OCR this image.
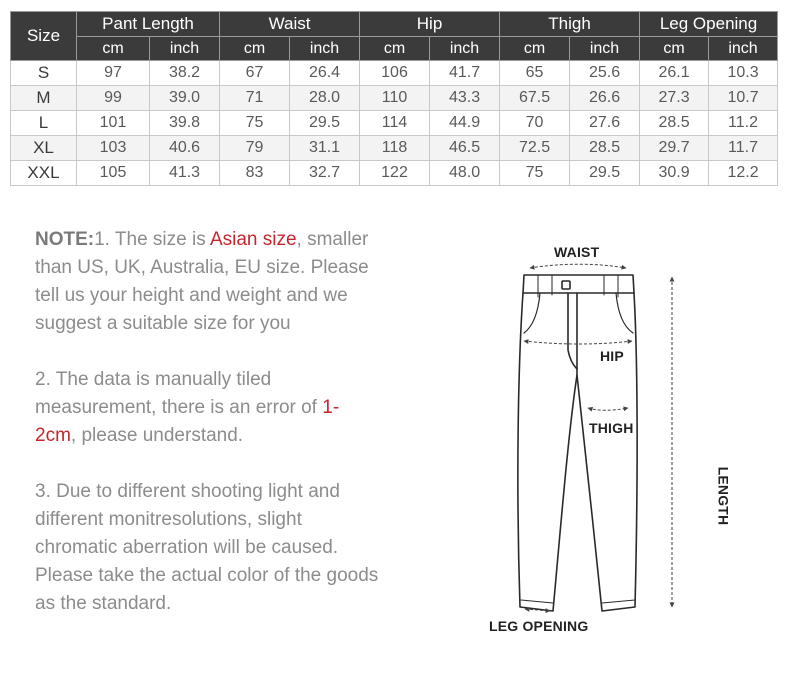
Size	Pant Length		Waist		Hip		Thigh		Leg Opening	
	cm	inch	cm	inch	cm	inch	cm	inch	cm	inch
S	97	38.2	67	26.4	106	41.7	65	25.6	26.1	10.3
M	99	39.0	71	28.0	110	43.3	67.5	26.6	27.3	10.7
L	101	39.8	75	29.5	114	44.9	70	27.6	28.5	11.2
XL	103	40.6	79	31.1	118	46.5	72.5	28.5	29.7	11.7
XXL	105	41.3	83	32.7	122	48.0	75	29.5	30.9	12.2

NOTE:1. The size is Asian size, smaller than US, UK, Australia, EU size. Please tell us your height and weight and we suggest a suitable size for you

2. The data is manually tiled measurement, there is an error of 1-2cm, please understand.

3. Due to different shooting light and different monitresolutions, slight chromatic aberration will be caused. Please take the actual color of the goods as the standard.

WAIST
HIP
THIGH
LENGTH
LEG OPENING
